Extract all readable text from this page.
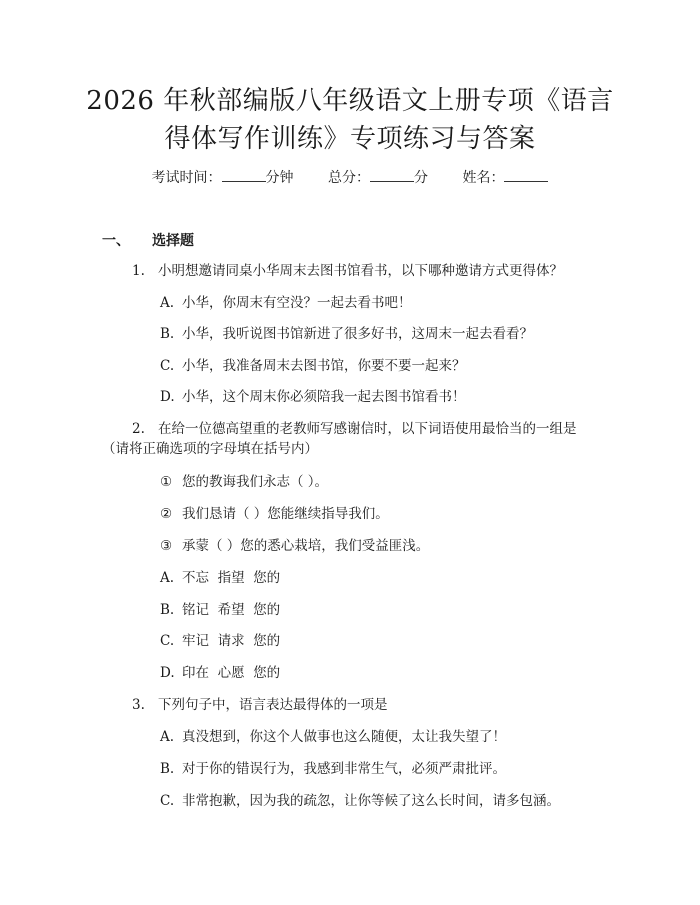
2026 年秋部编版八年级语文上册专项《语言
得体写作训练》专项练习与答案
考试时间：	分钟 总分：	分 姓名：
一、 选择题
1. 小明想邀请同桌小华周末去图书馆看书，以下哪种邀请方式更得体？
A. 小华，你周末有空没？一起去看书吧！
B. 小华，我听说图书馆新进了很多好书，这周末一起去看看？
C. 小华，我准备周末去图书馆，你要不要一起来？
D. 小华，这个周末你必须陪我一起去图书馆看书！
2. 在给一位德高望重的老教师写感谢信时，以下词语使用最恰当的一组是
（请将正确选项的字母填在括号内）
① 您的教诲我们永志（ ）。
② 我们恳请（ ）您能继续指导我们。
③ 承蒙（ ）您的悉心栽培，我们受益匪浅。
A. 不忘  指望  您的
B. 铭记  希望  您的
C. 牢记  请求  您的
D. 印在  心愿  您的
3. 下列句子中，语言表达最得体的一项是
A. 真没想到，你这个人做事也这么随便，太让我失望了！
B. 对于你的错误行为，我感到非常生气，必须严肃批评。
C. 非常抱歉，因为我的疏忽，让你等候了这么长时间，请多包涵。
